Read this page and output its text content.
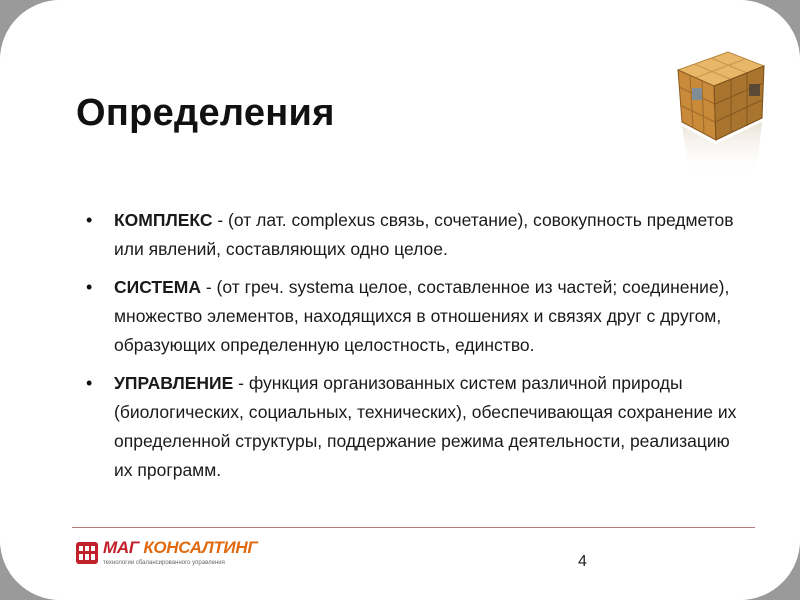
Определения
• КОМПЛЕКС - (от лат. complexus связь, сочетание), совокупность предметов или явлений, составляющих одно целое.
• СИСТЕМА - (от греч. systema целое, составленное из частей; соединение), множество элементов, находящихся в отношениях и связях друг с другом, образующих определенную целостность, единство.
• УПРАВЛЕНИЕ - функция организованных систем различной природы (биологических, социальных, технических), обеспечивающая сохранение их определенной структуры, поддержание режима деятельности, реализацию их программ.
МАГ КОНСАЛТИНГ
технологии сбалансированного управления	4
